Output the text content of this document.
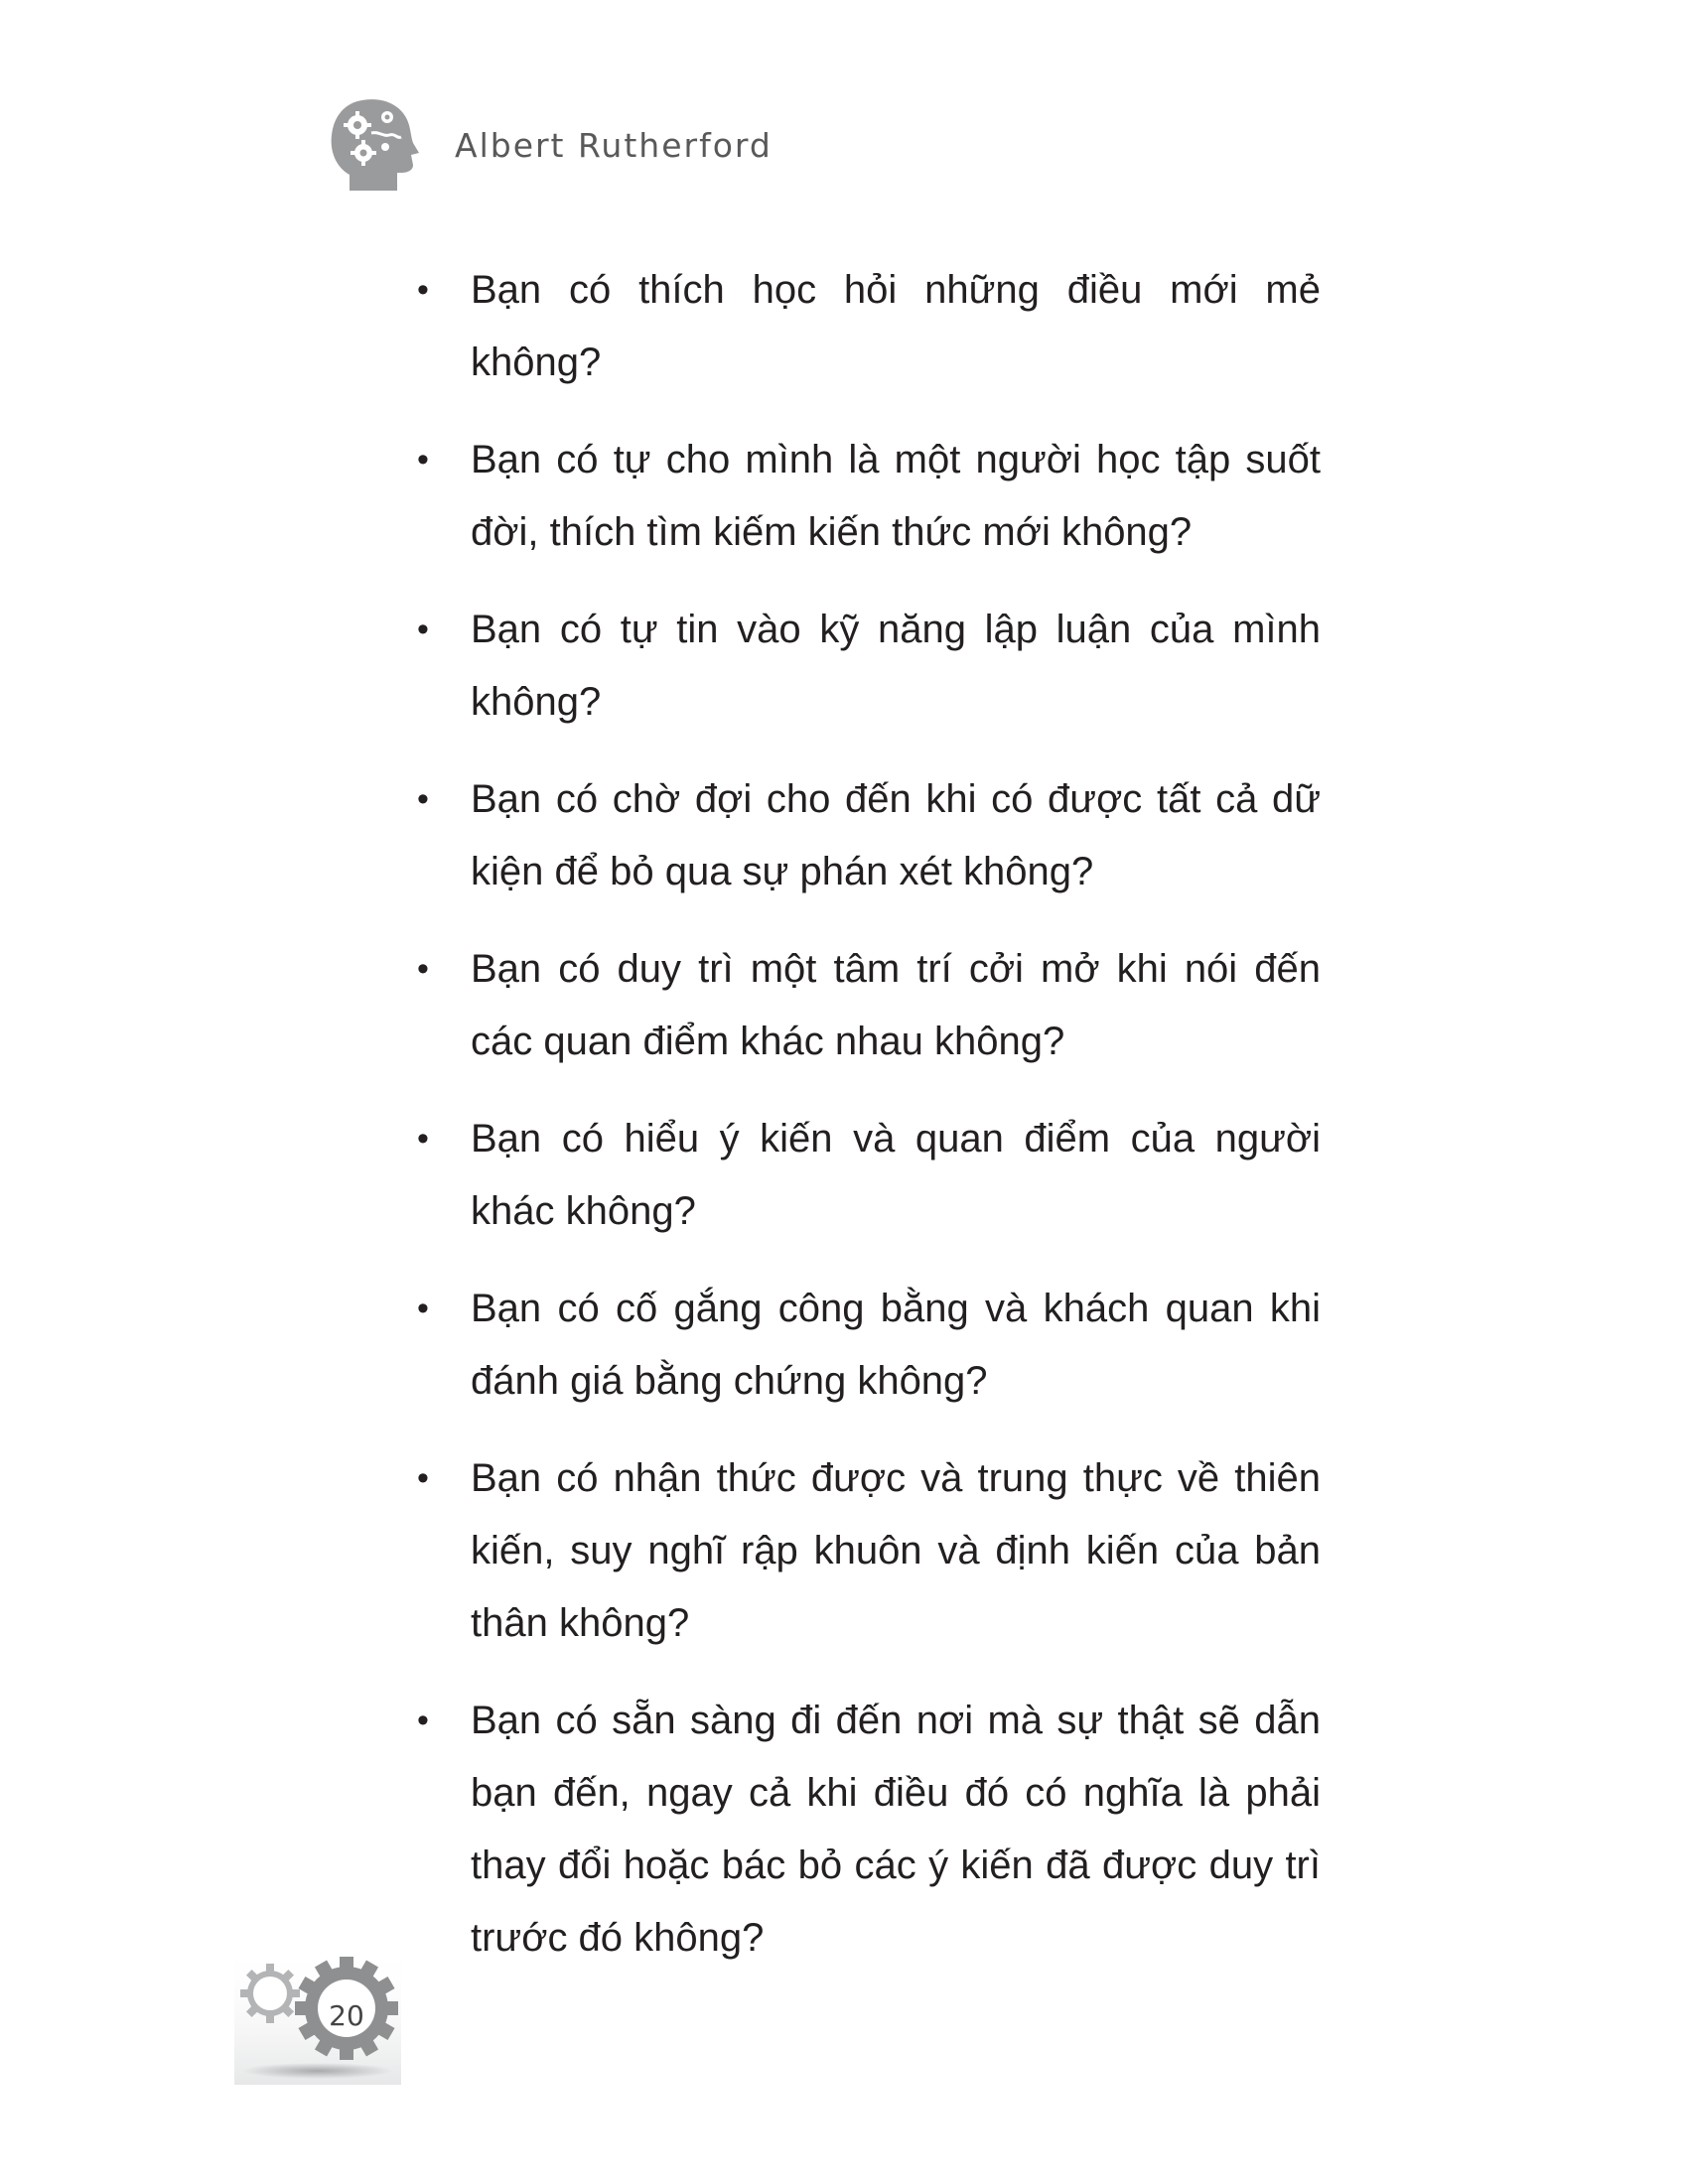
Albert Rutherford
•	Bạn có thích học hỏi những điều mới mẻ không?
•	Bạn có tự cho mình là một người học tập suốt đời, thích tìm kiếm kiến thức mới không?
•	Bạn có tự tin vào kỹ năng lập luận của mình không?
•	Bạn có chờ đợi cho đến khi có được tất cả dữ kiện để bỏ qua sự phán xét không?
•	Bạn có duy trì một tâm trí cởi mở khi nói đến các quan điểm khác nhau không?
•	Bạn có hiểu ý kiến và quan điểm của người khác không?
•	Bạn có cố gắng công bằng và khách quan khi đánh giá bằng chứng không?
•	Bạn có nhận thức được và trung thực về thiên kiến, suy nghĩ rập khuôn và định kiến của bản thân không?
•	Bạn có sẵn sàng đi đến nơi mà sự thật sẽ dẫn bạn đến, ngay cả khi điều đó có nghĩa là phải thay đổi hoặc bác bỏ các ý kiến đã được duy trì trước đó không?
20
